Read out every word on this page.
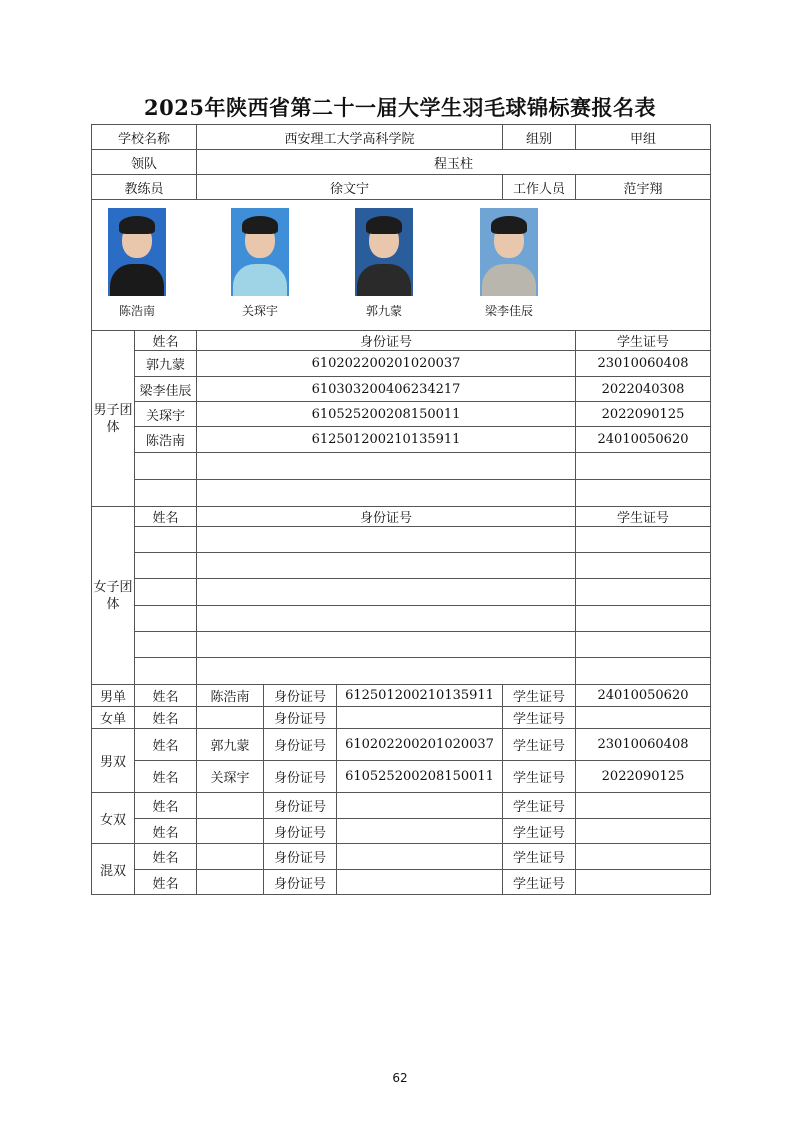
2025年陕西省第二十一届大学生羽毛球锦标赛报名表
学校名称		西安理工大学高科学院			组别	甲组
领队		程玉柱				
教练员		徐文宁			工作人员	范宇翔

陈浩南 关琛宇 郭九蒙 梁李佳辰						

男子团体	姓名	身份证号				学生证号
	郭九蒙	610202200201020037				23010060408
	梁李佳辰	610303200406234217				2022040308
	关琛宇	610525200208150011				2022090125
	陈浩南	612501200210135911				24010050620

女子团体	姓名	身份证号				学生证号

男单	姓名	陈浩南	身份证号	612501200210135911	学生证号	24010050620
女单	姓名		身份证号		学生证号	
男双	姓名	郭九蒙	身份证号	610202200201020037	学生证号	23010060408
	姓名	关琛宇	身份证号	610525200208150011	学生证号	2022090125
女双	姓名		身份证号		学生证号	
	姓名		身份证号		学生证号	
混双	姓名		身份证号		学生证号	
	姓名		身份证号		学生证号	
62
